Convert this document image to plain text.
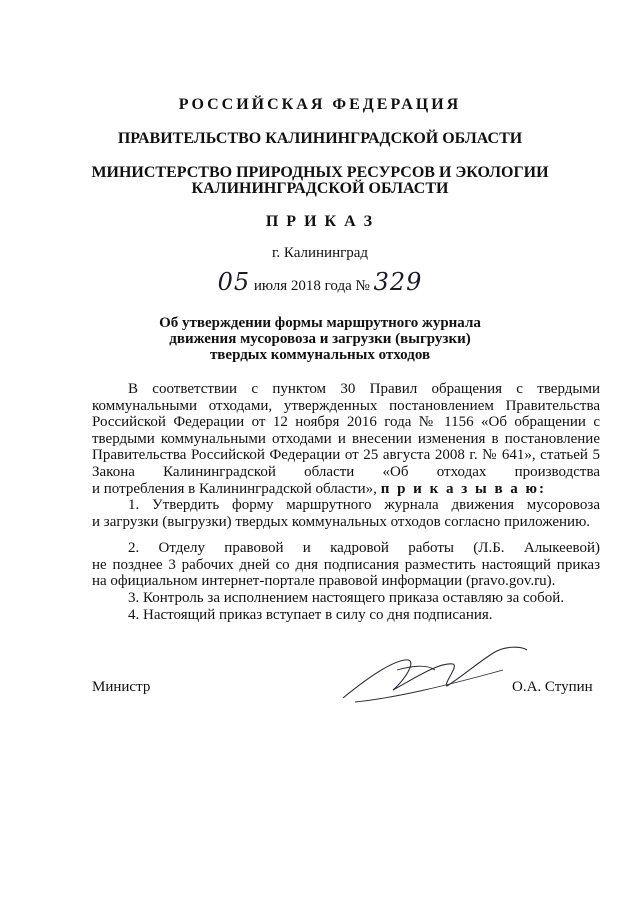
РОССИЙСКАЯ ФЕДЕРАЦИЯ
ПРАВИТЕЛЬСТВО КАЛИНИНГРАДСКОЙ ОБЛАСТИ
МИНИСТЕРСТВО ПРИРОДНЫХ РЕСУРСОВ И ЭКОЛОГИИ
КАЛИНИНГРАДСКОЙ ОБЛАСТИ
П Р И К А З
г. Калининград
05 июля 2018 года № 329
Об утверждении формы маршрутного журнала
движения мусоровоза и загрузки (выгрузки)
твердых коммунальных отходов
В соответствии с пунктом 30 Правил обращения с твердыми
коммунальными отходами, утвержденных постановлением Правительства
Российской Федерации от 12 ноября 2016 года № 1156 «Об обращении с
твердыми коммунальными отходами и внесении изменения в постановление
Правительства Российской Федерации от 25 августа 2008 г. № 641», статьей 5
Закона Калининградской области «Об отходах производства
и потребления в Калининградской области», п р и к а з ы в а ю:
1. Утвердить форму маршрутного журнала движения мусоровоза
и загрузки (выгрузки) твердых коммунальных отходов согласно приложению.
2. Отделу правовой и кадровой работы (Л.Б. Алыкеевой)
не позднее 3 рабочих дней со дня подписания разместить настоящий приказ
на официальном интернет-портале правовой информации (pravo.gov.ru).
3. Контроль за исполнением настоящего приказа оставляю за собой.
4. Настоящий приказ вступает в силу со дня подписания.
Министр	О.А. Ступин
